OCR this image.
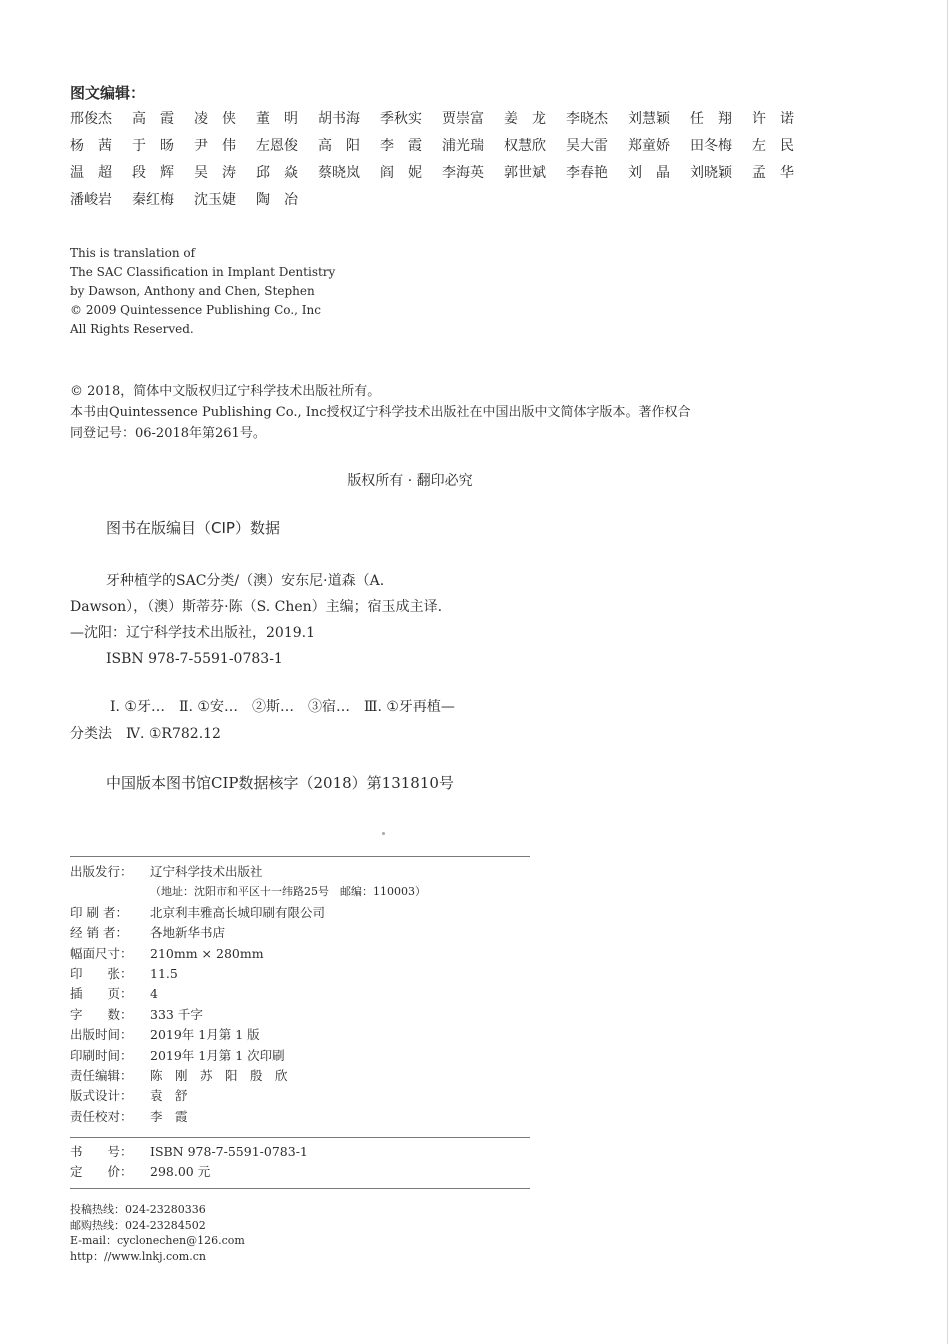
图文编辑：
邢俊杰	高　霞	凌　侠	董　明	胡书海	季秋实	贾崇富	姜　龙	李晓杰	刘慧颖	任　翔	许　诺
杨　茜	于　旸	尹　伟	左恩俊	高　阳	李　霞	浦光瑞	权慧欣	吴大雷	郑童娇	田冬梅	左　民
温　超	段　辉	吴　涛	邱　焱	蔡晓岚	阎　妮	李海英	郭世斌	李春艳	刘　晶	刘晓颖	孟　华
潘峻岩	秦红梅	沈玉婕	陶　冶
This is translation of
The SAC Classification in Implant Dentistry
by Dawson, Anthony and Chen, Stephen
© 2009 Quintessence Publishing Co., Inc
All Rights Reserved.
© 2018，简体中文版权归辽宁科学技术出版社所有。
本书由Quintessence Publishing Co., Inc授权辽宁科学技术出版社在中国出版中文简体字版本。著作权合
同登记号：06-2018年第261号。
版权所有 · 翻印必究
图书在版编目（CIP）数据
牙种植学的SAC分类/（澳）安东尼·道森（A.
Dawson），（澳）斯蒂芬·陈（S. Chen）主编；宿玉成主译.
—沈阳：辽宁科学技术出版社，2019.1
ISBN 978-7-5591-0783-1
Ⅰ. ①牙…　Ⅱ. ①安…　②斯…　③宿…　Ⅲ. ①牙再植—
分类法　Ⅳ. ①R782.12
中国版本图书馆CIP数据核字（2018）第131810号
出版发行：	辽宁科学技术出版社
（地址：沈阳市和平区十一纬路25号　邮编：110003）
印 刷 者：	北京利丰雅高长城印刷有限公司
经 销 者：	各地新华书店
幅面尺寸：	210mm × 280mm
印　　张：	11.5
插　　页：	4
字　　数：	333 千字
出版时间：	2019年 1月第 1 版
印刷时间：	2019年 1月第 1 次印刷
责任编辑：	陈　刚　苏　阳　殷　欣
版式设计：	袁　舒
责任校对：	李　霞
书　　号：	ISBN 978-7-5591-0783-1
定　　价：	298.00 元
投稿热线：024-23280336
邮购热线：024-23284502
E-mail：cyclonechen@126.com
http：//www.lnkj.com.cn
